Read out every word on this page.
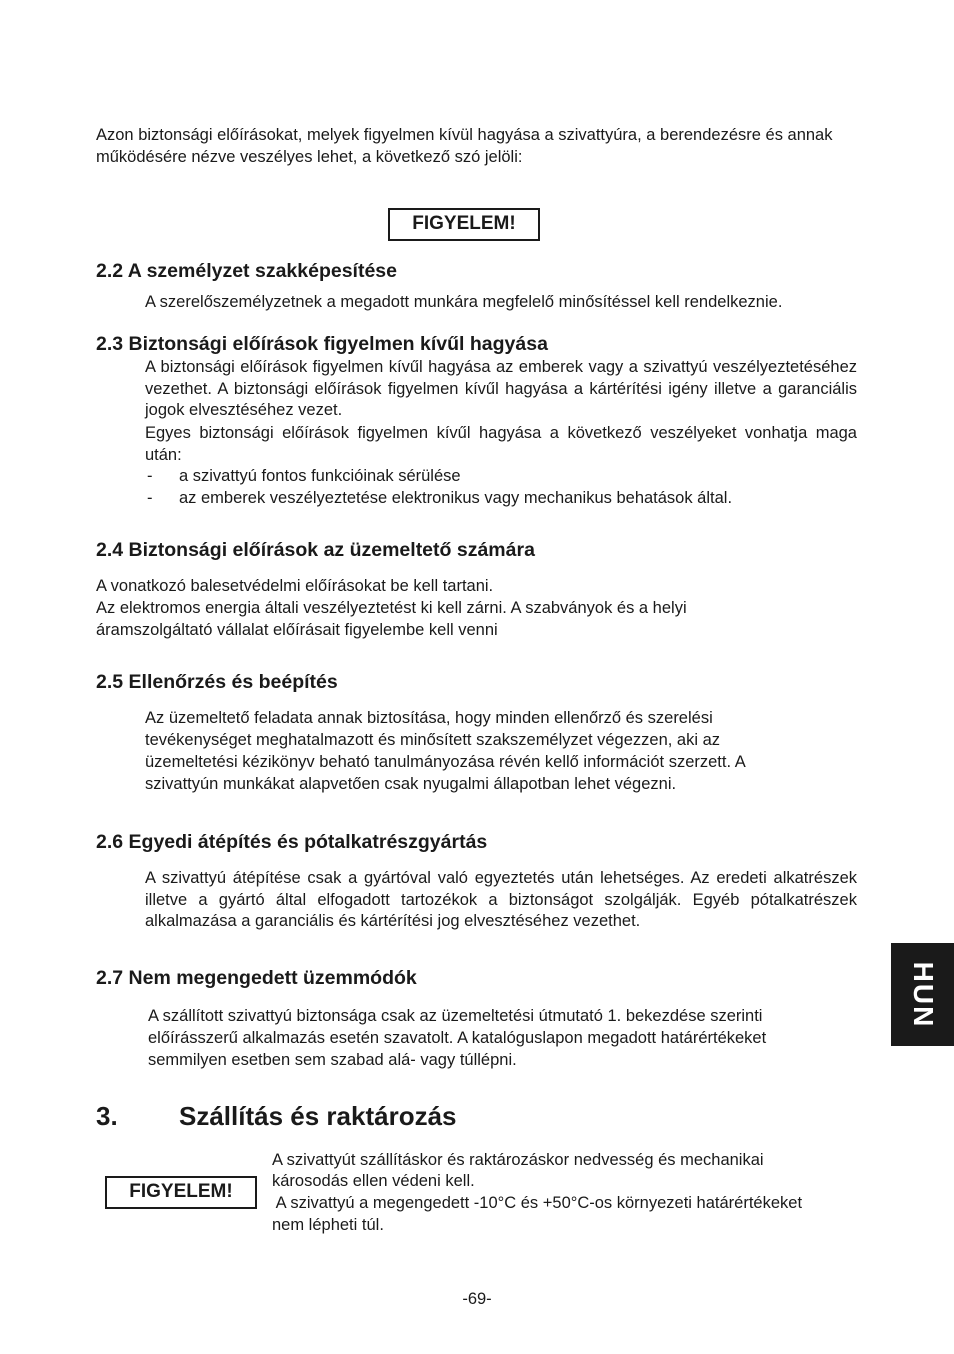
Azon biztonsági előírásokat, melyek figyelmen kívül hagyása a szivattyúra, a berendezésre és annak működésére nézve veszélyes lehet, a következő szó jelöli:
FIGYELEM!
2.2 A személyzet szakképesítése
A szerelőszemélyzetnek a megadott munkára megfelelő minősítéssel kell rendelkeznie.
2.3 Biztonsági előírások figyelmen kívűl hagyása
A biztonsági előírások figyelmen kívűl hagyása az emberek vagy a szivattyú veszélyeztetéséhez vezethet. A biztonsági előírások figyelmen kívűl hagyása a kártérítési igény illetve a garanciális jogok elvesztéséhez vezet.
Egyes biztonsági előírások figyelmen kívűl hagyása a következő veszélyeket vonhatja maga után:
- a szivattyú fontos funkcióinak sérülése
- az emberek veszélyeztetése elektronikus vagy mechanikus behatások által.
2.4 Biztonsági előírások az üzemeltető számára
A vonatkozó balesetvédelmi előírásokat be kell tartani.
Az elektromos energia általi veszélyeztetést ki kell zárni. A szabványok és a helyi
áramszolgáltató vállalat előírásait figyelembe kell venni
2.5 Ellenőrzés és beépítés
Az üzemeltető feladata annak biztosítása, hogy minden ellenőrző és szerelési
tevékenységet meghatalmazott és minősített szakszemélyzet végezzen, aki az
üzemeltetési kézikönyv beható tanulmányozása révén kellő információt szerzett. A
szivattyún munkákat alapvetően csak nyugalmi állapotban lehet végezni.
2.6 Egyedi átépítés és pótalkatrészgyártás
A szivattyú átépítése csak a gyártóval való egyeztetés után lehetséges. Az eredeti alkatrészek illetve a gyártó által elfogadott tartozékok a biztonságot szolgálják. Egyéb pótalkatrészek alkalmazása a garanciális és kártérítési jog elvesztéséhez vezethet.
2.7 Nem megengedett üzemmódók
A szállított szivattyú biztonsága csak az üzemeltetési útmutató 1. bekezdése szerinti
előírásszerű alkalmazás esetén szavatolt. A katalóguslapon megadott határértékeket
semmilyen esetben sem szabad alá- vagy túllépni.
3. Szállítás és raktározás
FIGYELEM!
A szivattyút szállításkor és raktározáskor nedvesség és mechanikai
károsodás ellen védeni kell.
A szivattyú a megengedett -10°C és +50°C-os környezeti határértékeket
nem lépheti túl.
HUN
-69-
